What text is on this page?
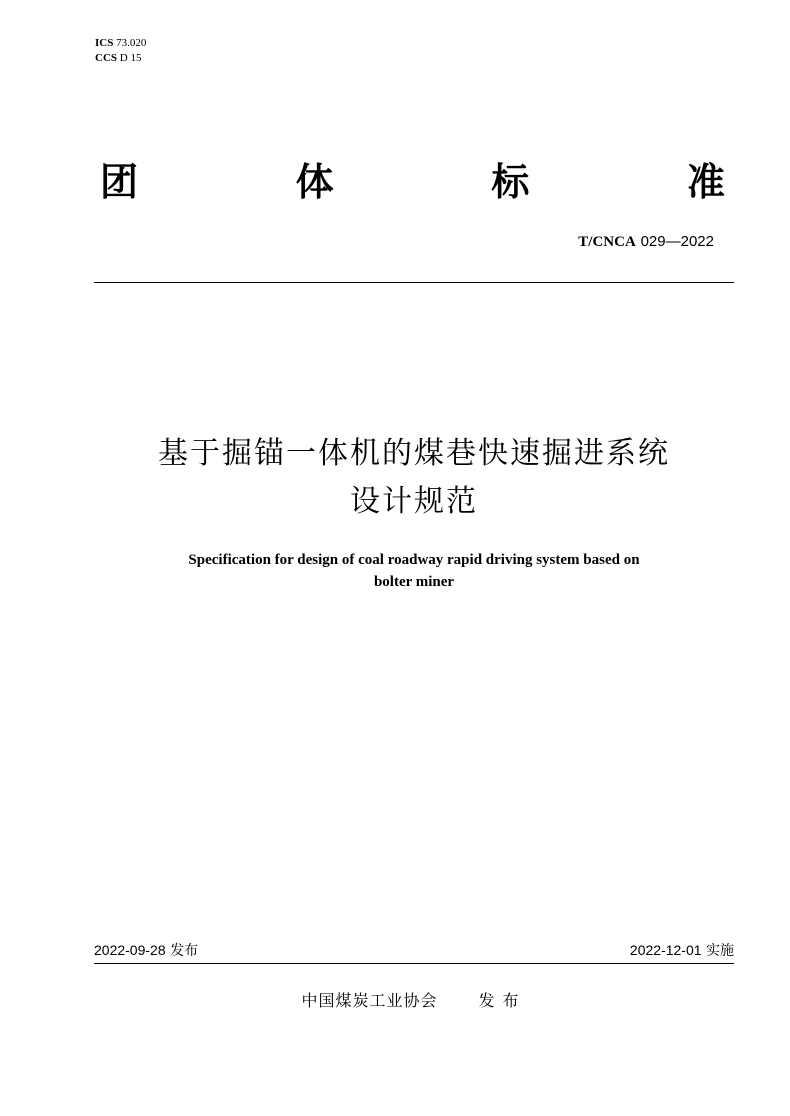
ICS 73.020
CCS D 15
团	体	标	准
T/CNCA 029—2022
基于掘锚一体机的煤巷快速掘进系统
设计规范
Specification for design of coal roadway rapid driving system based on
bolter miner
2022-09-28 发布	2022-12-01 实施
中国煤炭工业协会	发布
